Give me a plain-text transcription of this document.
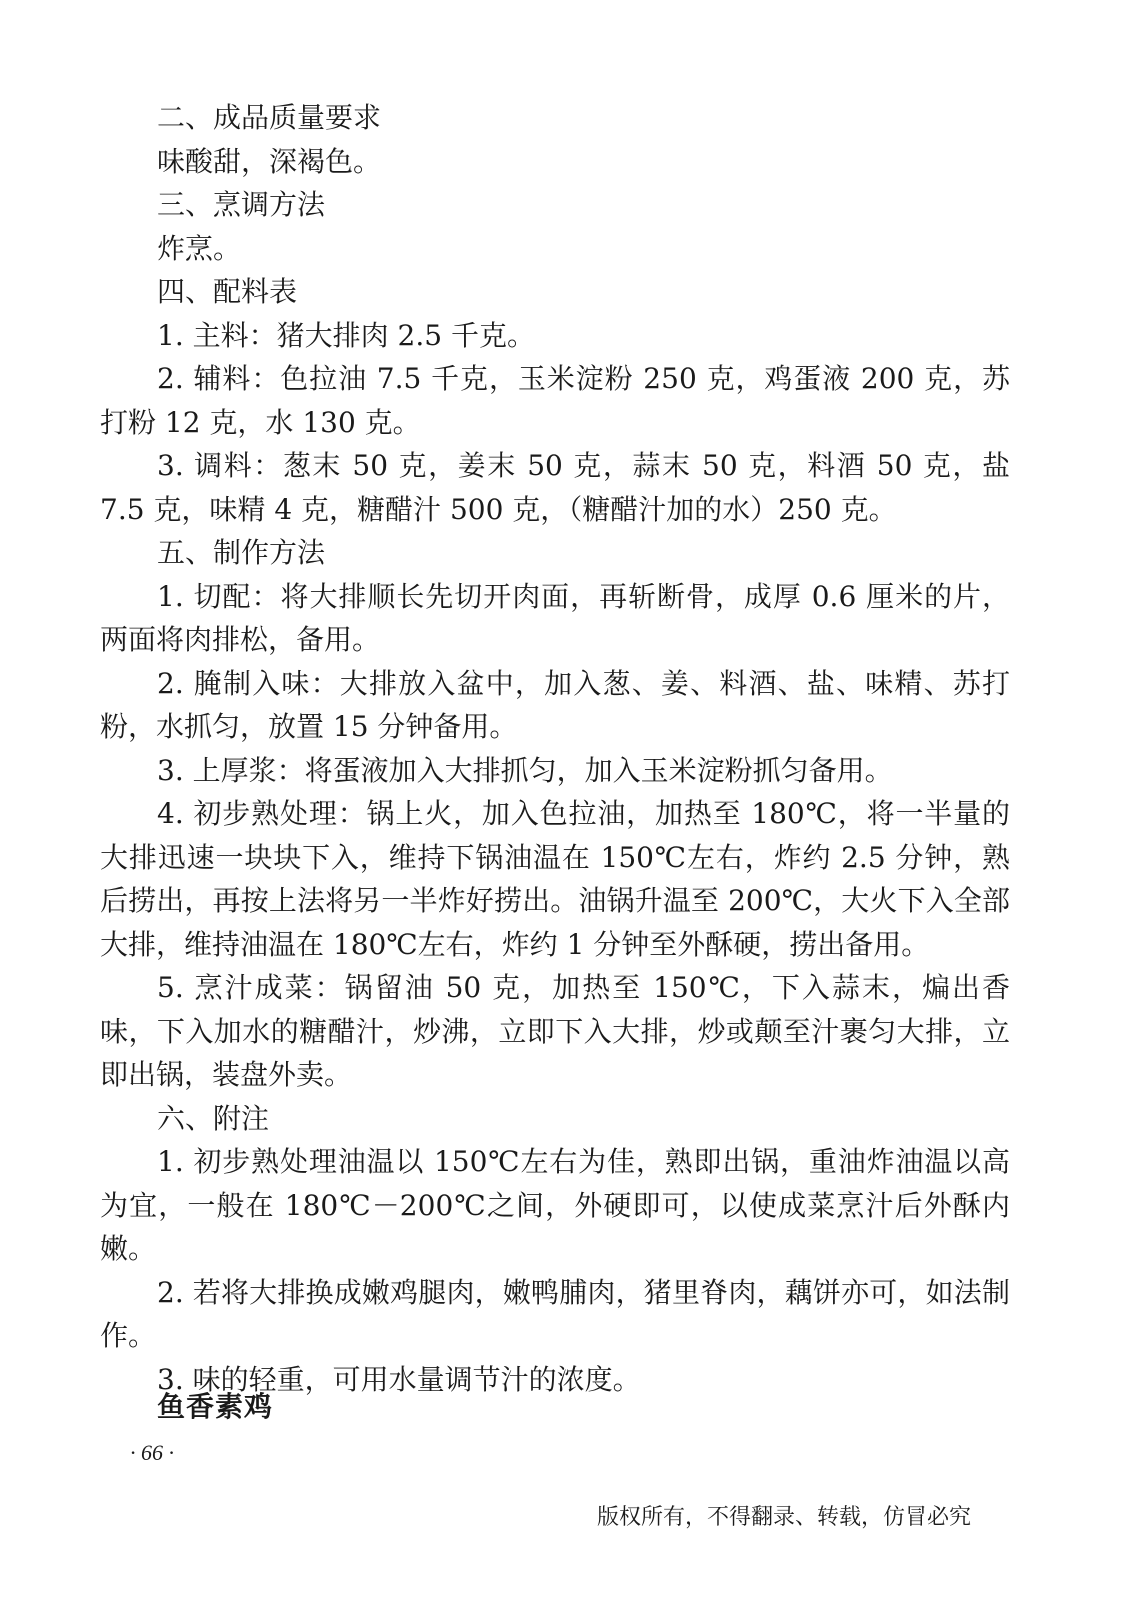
二、成品质量要求
味酸甜，深褐色。
三、烹调方法
炸烹。
四、配料表
1. 主料：猪大排肉 2.5 千克。
2. 辅料：色拉油 7.5 千克，玉米淀粉 250 克，鸡蛋液 200 克，苏打粉 12 克，水 130 克。
3. 调料：葱末 50 克，姜末 50 克，蒜末 50 克，料酒 50 克，盐 7.5 克，味精 4 克，糖醋汁 500 克，（糖醋汁加的水）250 克。
五、制作方法
1. 切配：将大排顺长先切开肉面，再斩断骨，成厚 0.6 厘米的片，两面将肉排松，备用。
2. 腌制入味：大排放入盆中，加入葱、姜、料酒、盐、味精、苏打粉，水抓匀，放置 15 分钟备用。
3. 上厚浆：将蛋液加入大排抓匀，加入玉米淀粉抓匀备用。
4. 初步熟处理：锅上火，加入色拉油，加热至 180℃，将一半量的大排迅速一块块下入，维持下锅油温在 150℃左右，炸约 2.5 分钟，熟后捞出，再按上法将另一半炸好捞出。油锅升温至 200℃，大火下入全部大排，维持油温在 180℃左右，炸约 1 分钟至外酥硬，捞出备用。
5. 烹汁成菜：锅留油 50 克，加热至 150℃，下入蒜末，煸出香味，下入加水的糖醋汁，炒沸，立即下入大排，炒或颠至汁裹匀大排，立即出锅，装盘外卖。
六、附注
1. 初步熟处理油温以 150℃左右为佳，熟即出锅，重油炸油温以高为宜，一般在 180℃－200℃之间，外硬即可，以使成菜烹汁后外酥内嫩。
2. 若将大排换成嫩鸡腿肉，嫩鸭脯肉，猪里脊肉，藕饼亦可，如法制作。
3. 味的轻重，可用水量调节汁的浓度。
鱼香素鸡
· 66 ·
版权所有，不得翻录、转载，仿冒必究
